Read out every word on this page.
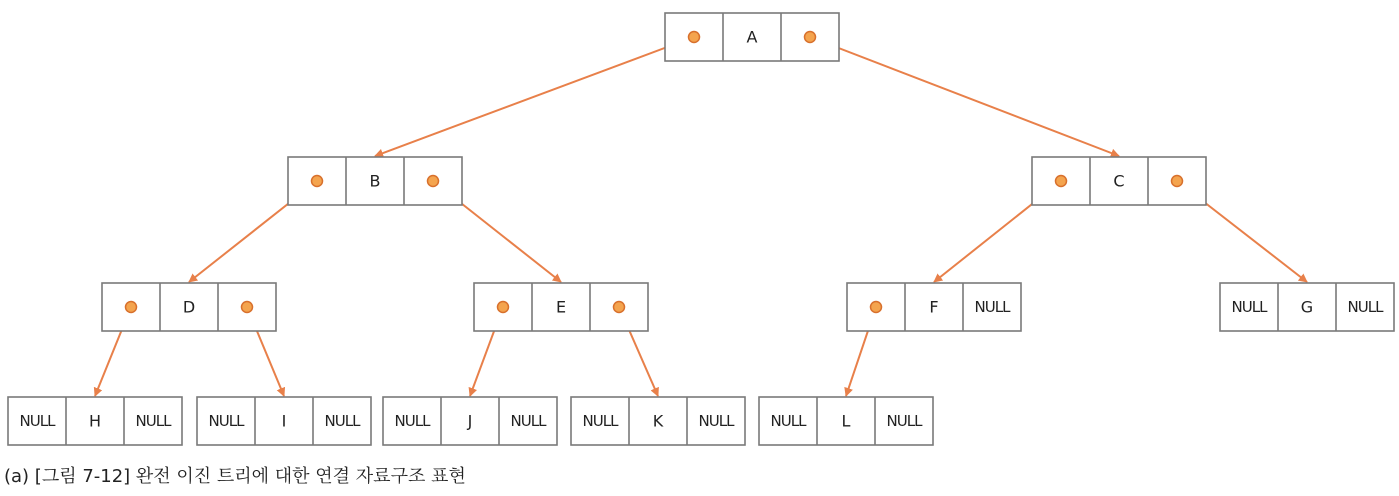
A
B	C
D	E	F NULL	NULL G NULL
NULL H NULL	NULL I	NULL NULL J	NULL NULL K NULL NULL L NULL
(a) [그림 7-12] 완전 이진 트리에 대한 연결 자료구조 표현
